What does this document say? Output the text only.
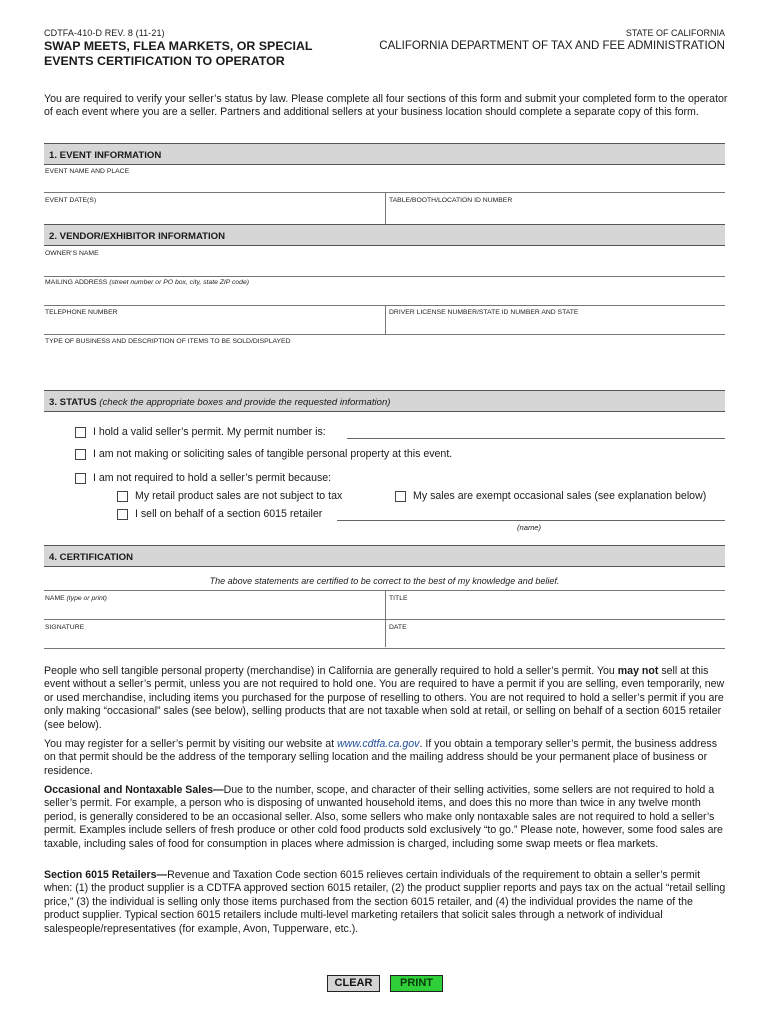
CDTFA-410-D REV. 8 (11-21)	STATE OF CALIFORNIA
CALIFORNIA DEPARTMENT OF TAX AND FEE ADMINISTRATION
SWAP MEETS, FLEA MARKETS, OR SPECIAL
EVENTS CERTIFICATION TO OPERATOR
You are required to verify your seller’s status by law. Please complete all four sections of this form and submit your completed form to the operator of each event where you are a seller. Partners and additional sellers at your business location should complete a separate copy of this form.
1. EVENT INFORMATION
EVENT NAME AND PLACE
EVENT DATE(S)	TABLE/BOOTH/LOCATION ID NUMBER
2. VENDOR/EXHIBITOR INFORMATION
OWNER’S NAME
MAILING ADDRESS (street number or PO box, city, state ZIP code)
TELEPHONE NUMBER	DRIVER LICENSE NUMBER/STATE ID NUMBER AND STATE
TYPE OF BUSINESS AND DESCRIPTION OF ITEMS TO BE SOLD/DISPLAYED
3. STATUS (check the appropriate boxes and provide the requested information)
I hold a valid seller’s permit. My permit number is:
I am not making or soliciting sales of tangible personal property at this event.
I am not required to hold a seller’s permit because:
My retail product sales are not subject to tax	My sales are exempt occasional sales (see explanation below)
I sell on behalf of a section 6015 retailer
(name)
4. CERTIFICATION
The above statements are certified to be correct to the best of my knowledge and belief.
NAME (type or print)	TITLE
SIGNATURE	DATE
People who sell tangible personal property (merchandise) in California are generally required to hold a seller’s permit. You may not sell at this event without a seller’s permit, unless you are not required to hold one. You are required to have a permit if you are selling, even temporarily, new or used merchandise, including items you purchased for the purpose of reselling to others. You are not required to hold a seller’s permit if you are only making “occasional” sales (see below), selling products that are not taxable when sold at retail, or selling on behalf of a section 6015 retailer (see below).
You may register for a seller’s permit by visiting our website at www.cdtfa.ca.gov. If you obtain a temporary seller’s permit, the business address on that permit should be the address of the temporary selling location and the mailing address should be your permanent place of business or residence.
Occasional and Nontaxable Sales—Due to the number, scope, and character of their selling activities, some sellers are not required to hold a seller’s permit. For example, a person who is disposing of unwanted household items, and does this no more than twice in any twelve month period, is generally considered to be an occasional seller. Also, some sellers who make only nontaxable sales are not required to hold a seller’s permit. Examples include sellers of fresh produce or other cold food products sold exclusively “to go.” Please note, however, some food sales are taxable, including sales of food for consumption in places where admission is charged, including some swap meets or flea markets.
Section 6015 Retailers—Revenue and Taxation Code section 6015 relieves certain individuals of the requirement to obtain a seller’s permit when: (1) the product supplier is a CDTFA approved section 6015 retailer, (2) the product supplier reports and pays tax on the actual “retail selling price,” (3) the individual is selling only those items purchased from the section 6015 retailer, and (4) the individual provides the name of the product supplier. Typical section 6015 retailers include multi-level marketing retailers that solicit sales through a network of individual salespeople/representatives (for example, Avon, Tupperware, etc.).
CLEAR	PRINT
